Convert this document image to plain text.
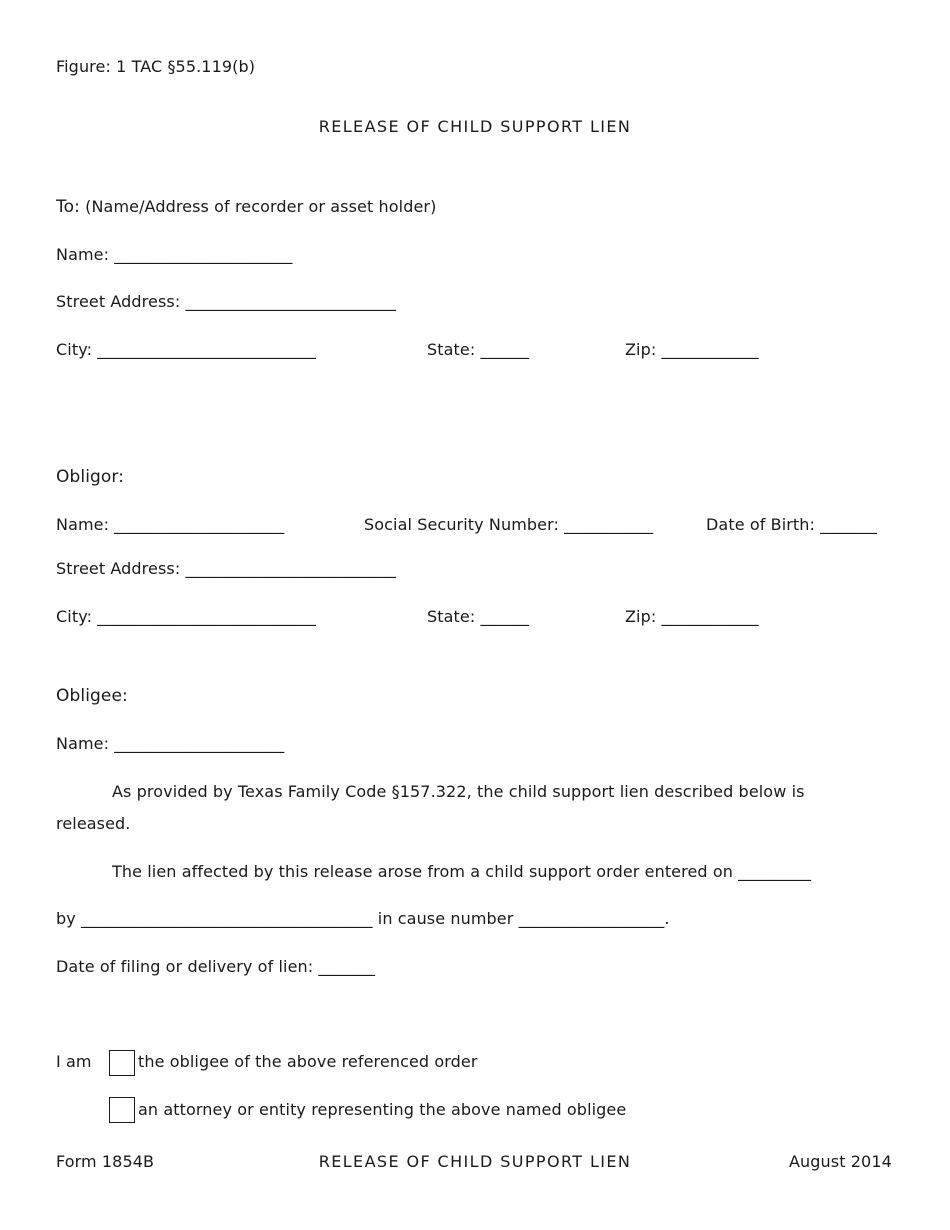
Figure: 1 TAC §55.119(b)
RELEASE OF CHILD SUPPORT LIEN
To: (Name/Address of recorder or asset holder)
Name: ______________________
Street Address: __________________________
City: ___________________________	State: ______	Zip: ____________
Obligor:
Name: _____________________	Social Security Number: ___________	Date of Birth: _______
Street Address: __________________________
City: ___________________________	State: ______	Zip: ____________
Obligee:
Name: _____________________
As provided by Texas Family Code §157.322, the child support lien described below is released.
The lien affected by this release arose from a child support order entered on _________
by ____________________________________ in cause number __________________.
Date of filing or delivery of lien: _______
I am	the obligee of the above referenced order
an attorney or entity representing the above named obligee
Form 1854B	RELEASE OF CHILD SUPPORT LIEN	August 2014
